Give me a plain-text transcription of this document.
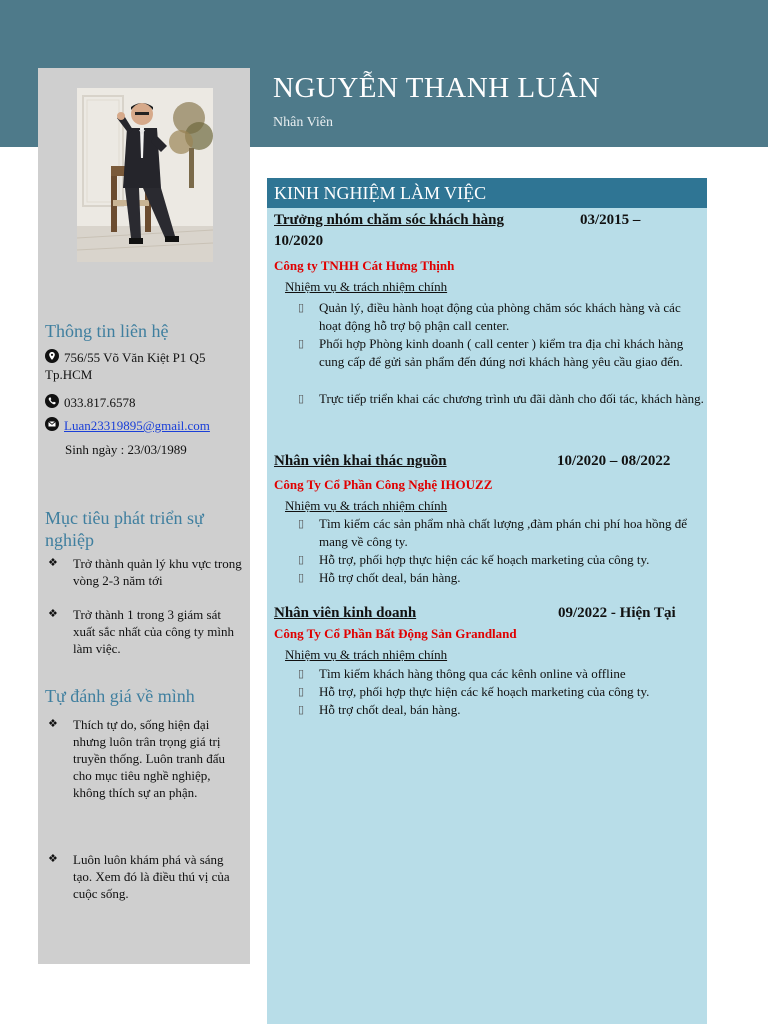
NGUYỄN THANH LUÂN
Nhân Viên
Thông tin liên hệ
756/55 Võ Văn Kiệt P1 Q5 Tp.HCM
033.817.6578
Luan23319895@gmail.com
Sinh ngày : 23/03/1989
Mục tiêu phát triển sự nghiệp
❖	Trở thành quản lý khu vực trong vòng 2-3 năm tới
❖	Trở thành 1 trong 3 giám sát xuất sắc nhất của công ty mình làm việc.
Tự đánh giá về mình
❖	Thích tự do, sống hiện đại nhưng luôn trân trọng giá trị truyền thống. Luôn tranh đấu cho mục tiêu nghề nghiệp, không thích sự an phận.
❖	Luôn luôn khám phá và sáng tạo. Xem đó là điều thú vị của cuộc sống.
KINH NGHIỆM LÀM VIỆC
Trưởng nhóm chăm sóc khách hàng	03/2015 –
10/2020
Công ty TNHH Cát Hưng Thịnh
Nhiệm vụ & trách nhiệm chính
▯	Quản lý, điều hành hoạt động của phòng chăm sóc khách hàng và các hoạt động hỗ trợ bộ phận call center.
▯	Phối hợp Phòng kinh doanh ( call center ) kiểm tra địa chỉ khách hàng cung cấp để gửi sản phẩm đến đúng nơi khách hàng yêu cầu giao đến.
▯	Trực tiếp triển khai các chương trình ưu đãi dành cho đối tác, khách hàng.
Nhân viên khai thác nguồn	10/2020 – 08/2022
Công Ty Cổ Phần Công Nghệ IHOUZZ
Nhiệm vụ & trách nhiệm chính
▯	Tìm kiếm các sản phẩm nhà chất lượng ,đàm phán chi phí hoa hồng để mang về công ty.
▯	Hỗ trợ, phối hợp thực hiện các kế hoạch marketing của công ty.
▯	Hỗ trợ chốt deal, bán hàng.
Nhân viên kinh doanh	09/2022 - Hiện Tại
Công Ty Cổ Phần Bất Động Sản Grandland
Nhiệm vụ & trách nhiệm chính
▯	Tìm kiếm khách hàng thông qua các kênh online và offline
▯	Hỗ trợ, phối hợp thực hiện các kế hoạch marketing của công ty.
▯	Hỗ trợ chốt deal, bán hàng.
